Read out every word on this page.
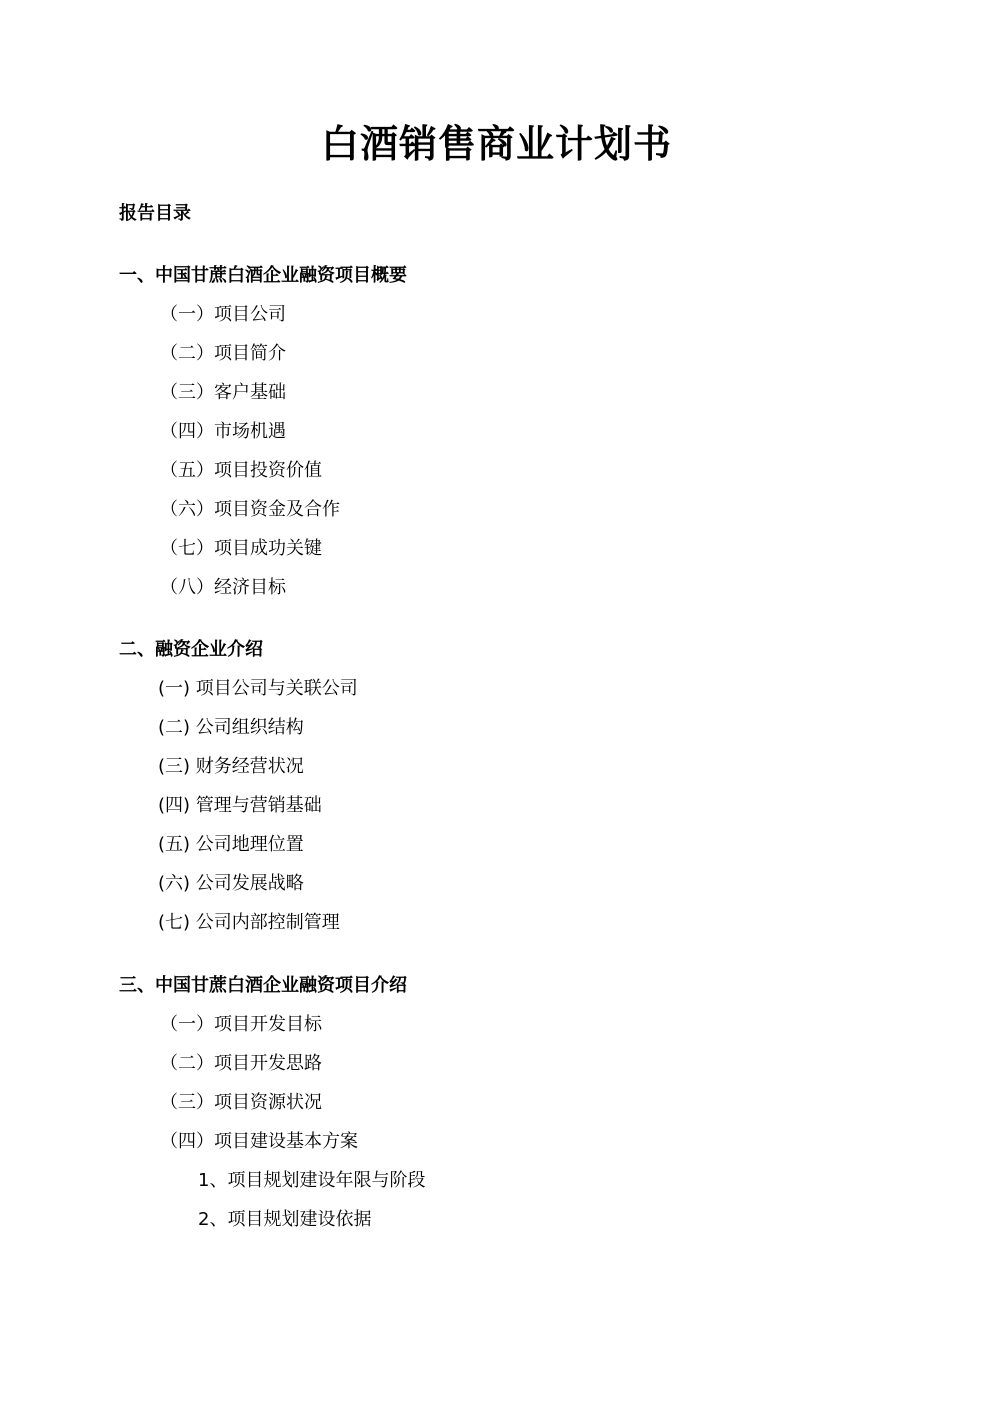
白酒销售商业计划书
报告目录
一、中国甘蔗白酒企业融资项目概要
（一）项目公司
（二）项目简介
（三）客户基础
（四）市场机遇
（五）项目投资价值
（六）项目资金及合作
（七）项目成功关键
（八）经济目标
二、融资企业介绍
(一) 项目公司与关联公司
(二) 公司组织结构
(三) 财务经营状况
(四) 管理与营销基础
(五) 公司地理位置
(六) 公司发展战略
(七) 公司内部控制管理
三、中国甘蔗白酒企业融资项目介绍
（一）项目开发目标
（二）项目开发思路
（三）项目资源状况
（四）项目建设基本方案
1、项目规划建设年限与阶段
2、项目规划建设依据
